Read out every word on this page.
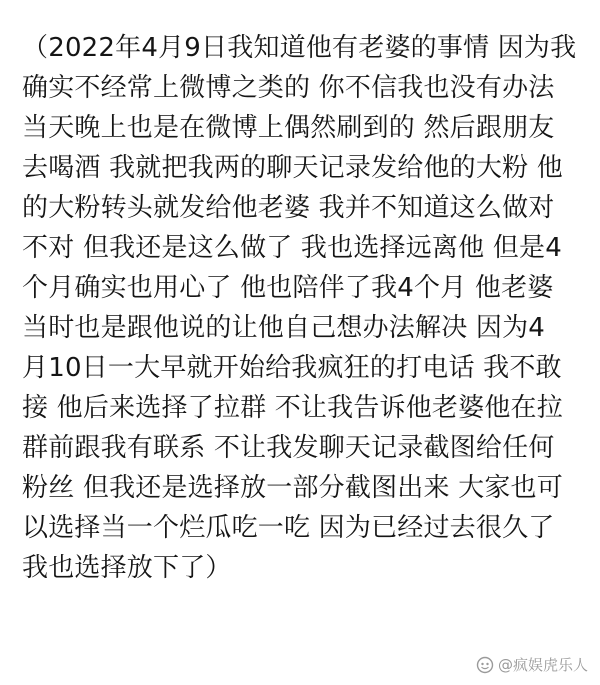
（2022年4月9日我知道他有老婆的事情 因为我
确实不经常上微博之类的 你不信我也没有办法
当天晚上也是在微博上偶然刷到的 然后跟朋友
去喝酒 我就把我两的聊天记录发给他的大粉 他
的大粉转头就发给他老婆 我并不知道这么做对
不对 但我还是这么做了 我也选择远离他 但是4
个月确实也用心了 他也陪伴了我4个月 他老婆
当时也是跟他说的让他自己想办法解决 因为4
月10日一大早就开始给我疯狂的打电话 我不敢
接 他后来选择了拉群 不让我告诉他老婆他在拉
群前跟我有联系 不让我发聊天记录截图给任何
粉丝 但我还是选择放一部分截图出来 大家也可
以选择当一个烂瓜吃一吃 因为已经过去很久了
我也选择放下了）
@疯娱虎乐人
